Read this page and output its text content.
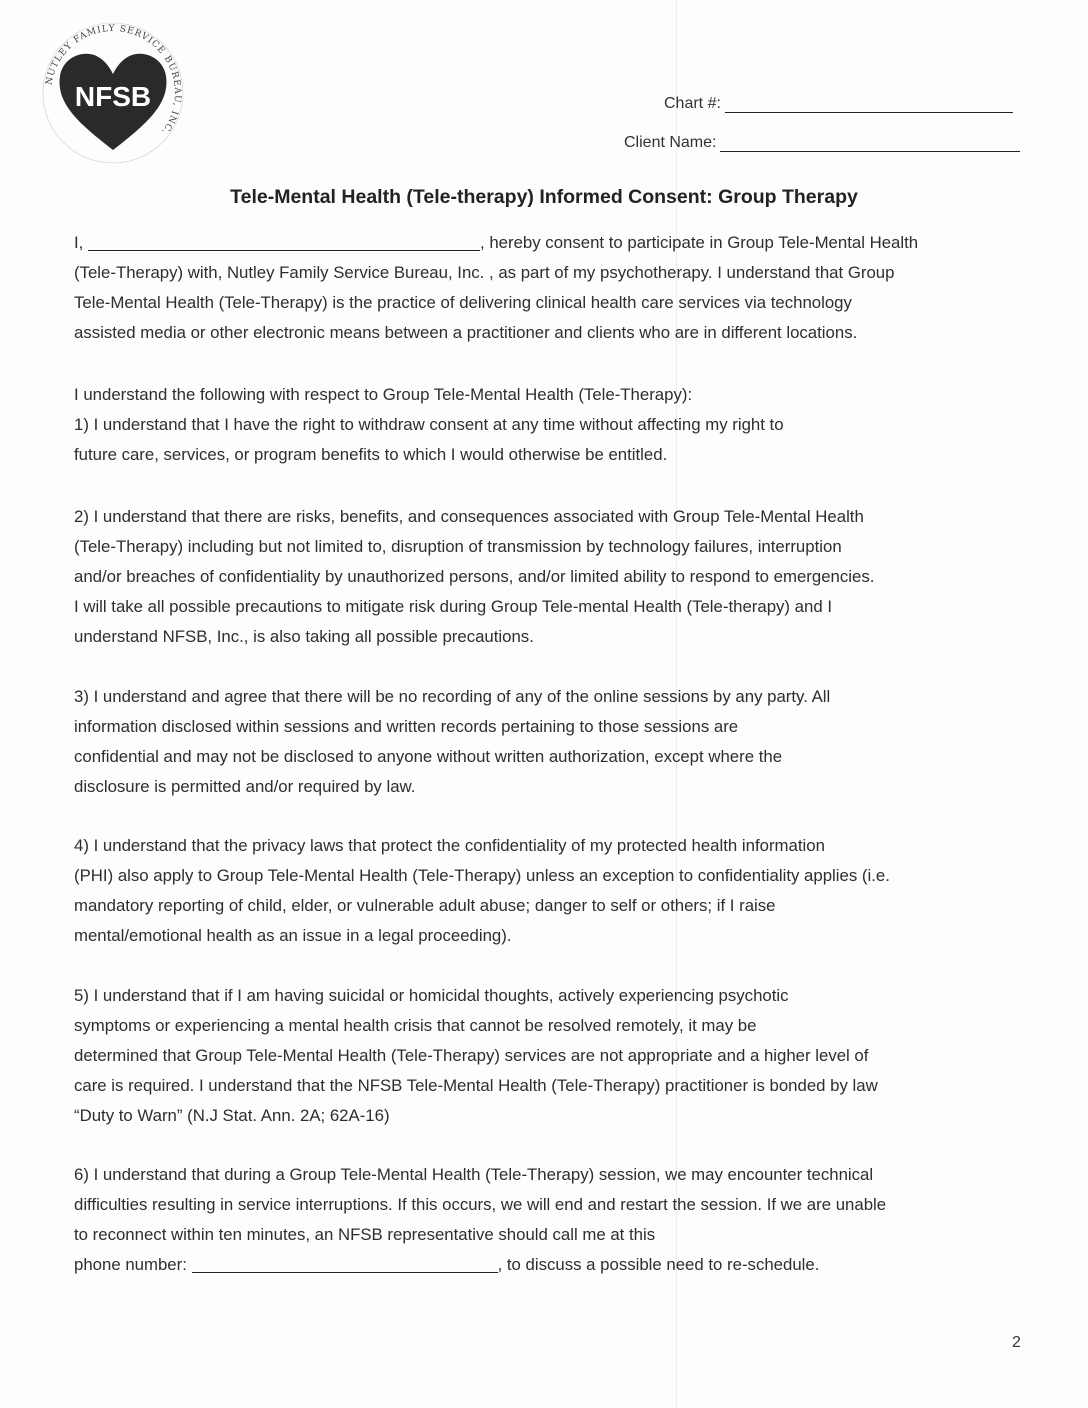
NUTLEY FAMILY SERVICE BUREAU, INC.
NFSB	Chart #:
Client Name:
Tele-Mental Health (Tele-therapy) Informed Consent: Group Therapy

I,	, hereby consent to participate in Group Tele-Mental Health

(Tele-Therapy) with, Nutley Family Service Bureau, Inc. , as part of my psychotherapy. I understand that Group

Tele-Mental Health (Tele-Therapy) is the practice of delivering clinical health care services via technology

assisted media or other electronic means between a practitioner and clients who are in different locations.

I understand the following with respect to Group Tele-Mental Health (Tele-Therapy):

1) I understand that I have the right to withdraw consent at any time without affecting my right to

future care, services, or program benefits to which I would otherwise be entitled.

2) I understand that there are risks, benefits, and consequences associated with Group Tele-Mental Health

(Tele-Therapy) including but not limited to, disruption of transmission by technology failures, interruption

and/or breaches of confidentiality by unauthorized persons, and/or limited ability to respond to emergencies.

I will take all possible precautions to mitigate risk during Group Tele-mental Health (Tele-therapy) and I

understand NFSB, Inc., is also taking all possible precautions.

3) I understand and agree that there will be no recording of any of the online sessions by any party. All

information disclosed within sessions and written records pertaining to those sessions are

confidential and may not be disclosed to anyone without written authorization, except where the

disclosure is permitted and/or required by law.

4) I understand that the privacy laws that protect the confidentiality of my protected health information

(PHI) also apply to Group Tele-Mental Health (Tele-Therapy) unless an exception to confidentiality applies (i.e.

mandatory reporting of child, elder, or vulnerable adult abuse; danger to self or others; if I raise

mental/emotional health as an issue in a legal proceeding).

5) I understand that if I am having suicidal or homicidal thoughts, actively experiencing psychotic

symptoms or experiencing a mental health crisis that cannot be resolved remotely, it may be

determined that Group Tele-Mental Health (Tele-Therapy) services are not appropriate and a higher level of

care is required. I understand that the NFSB Tele-Mental Health (Tele-Therapy) practitioner is bonded by law

“Duty to Warn” (N.J Stat. Ann. 2A; 62A-16)

6) I understand that during a Group Tele-Mental Health (Tele-Therapy) session, we may encounter technical

difficulties resulting in service interruptions. If this occurs, we will end and restart the session. If we are unable

to reconnect within ten minutes, an NFSB representative should call me at this

phone number:	, to discuss a possible need to re-schedule.

2
